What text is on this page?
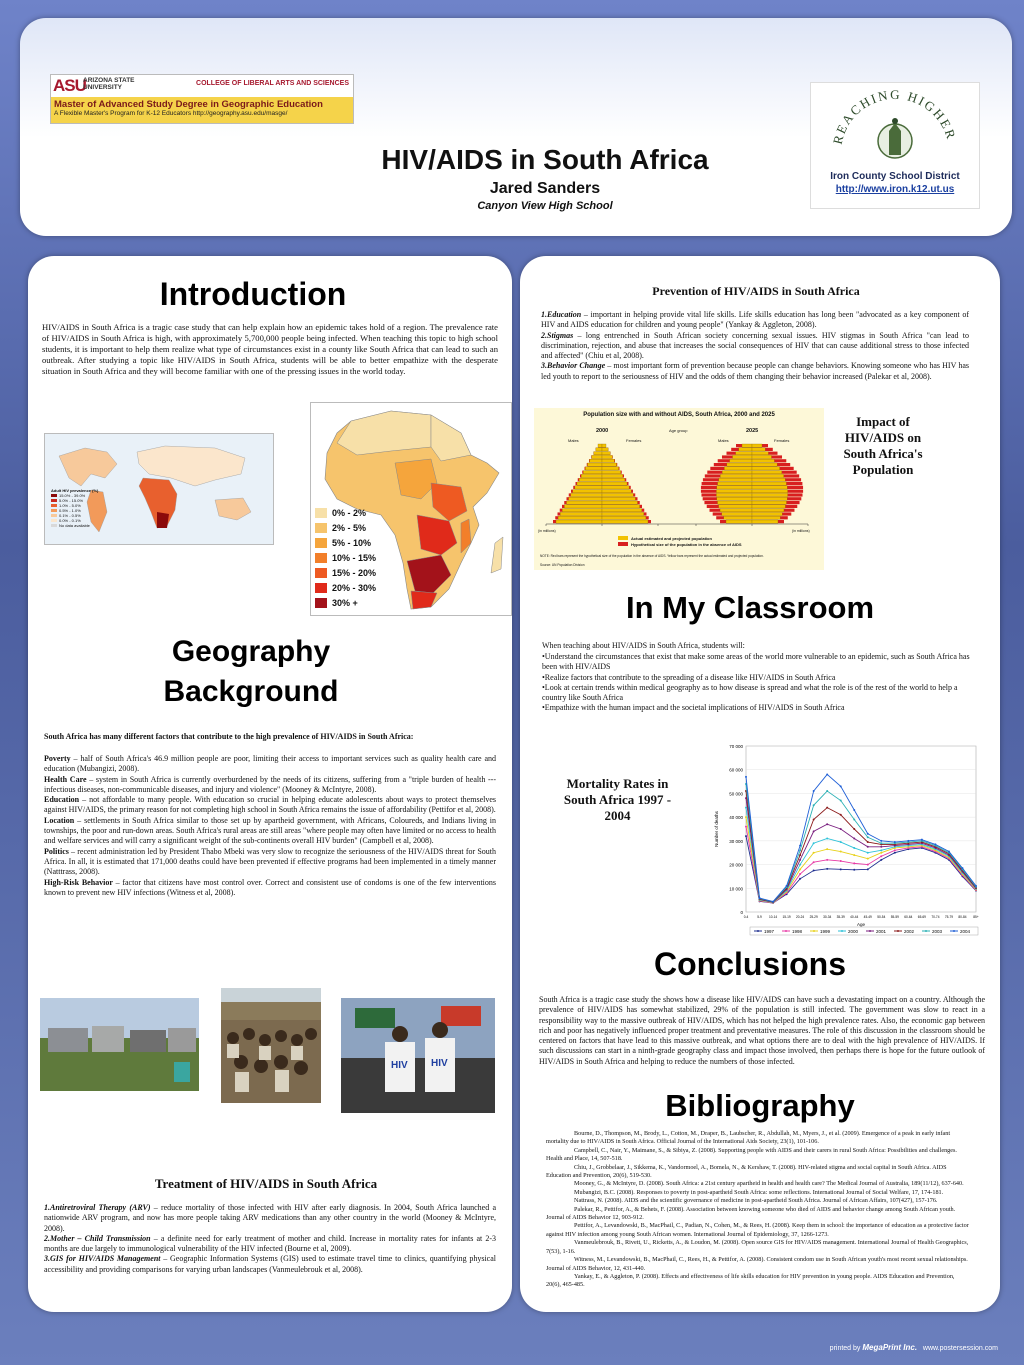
ASU
ARIZONA STATE
UNIVERSITY
COLLEGE OF LIBERAL ARTS AND SCIENCES
Master of Advanced Study Degree in Geographic Education
A Flexible Master's Program for K-12 Educators http://geography.asu.edu/masge/
HIV/AIDS in South Africa
Jared Sanders
Canyon View High School
REACHING HIGHER
Iron County School District
http://www.iron.k12.ut.us
Introduction
HIV/AIDS in South Africa is a tragic case study that can help explain how an epidemic takes hold of a region. The prevalence rate of HIV/AIDS in South Africa is high, with approximately 5,700,000 people being infected. When teaching this topic to high school students, it is important to help them realize what type of circumstances exist in a county like South Africa that can lead to such an outbreak. After studying a topic like HIV/AIDS in South Africa, students will be able to better empathize with the desperate situation in South Africa and they will become familiar with one of the pressing issues in the world today.
Adult HIV prevalence (%)
15.0% - 39.0%
5.0% - 15.0%
1.0% - 5.0%
0.5% - 1.0%
0.1% - 0.5%
0.0% - 0.1%
No data available
0% - 2%
2% - 5%
5% - 10%
10% - 15%
15% - 20%
20% - 30%
30% +
Geography
Background
South Africa has many different factors that contribute to the high prevalence of HIV/AIDS in South Africa:
Poverty – half of South Africa's 46.9 million people are poor, limiting their access to important services such as quality health care and education (Mubangizi, 2008).
Health Care – system in South Africa is currently overburdened by the needs of its citizens, suffering from a "triple burden of health --- infectious diseases, non-communicable diseases, and injury and violence" (Mooney & McIntyre, 2008).
Education – not affordable to many people. With education so crucial in helping educate adolescents about ways to protect themselves against HIV/AIDS, the primary reason for not completing high school in South Africa remains the issue of affordability (Pettifor et al, 2008).
Location – settlements in South Africa similar to those set up by apartheid government, with Africans, Coloureds, and Indians living in townships, the poor and run-down areas. South Africa's rural areas are still areas "where people may often have limited or no access to health and welfare services and will carry a significant weight of the sub-continents overall HIV burden" (Campbell et al, 2008).
Politics – recent administration led by President Thabo Mbeki was very slow to recognize the seriousness of the HIV/AIDS threat for South Africa. In all, it is estimated that 171,000 deaths could have been prevented if effective programs had been implemented in a timely manner (Natttrass, 2008).
High-Risk Behavior – factor that citizens have most control over. Correct and consistent use of condoms is one of the few interventions known to prevent new HIV infections (Witness et al, 2008).
HIV HIV
Treatment of HIV/AIDS in South Africa
1.Antiretroviral Therapy (ARV) – reduce mortality of those infected with HIV after early diagnosis. In 2004, South Africa launched a nationwide ARV program, and now has more people taking ARV medications than any other country in the world (Mooney & McIntyre, 2008).
2.Mother – Child Transmission – a definite need for early treatment of mother and child. Increase in mortality rates for infants at 2-3 months are due largely to immunological vulnerability of the HIV infected (Bourne et al, 2009).
3.GIS for HIV/AIDS Management – Geographic Information Systems (GIS) used to estimate travel time to clinics, quantifying physical accessibility and providing comparisons for varying urban landscapes (Vanmeulebrouk et al, 2008).
Prevention of HIV/AIDS in South Africa
1.Education – important in helping provide vital life skills. Life skills education has long been "advocated as a key component of HIV and AIDS education for children and young people" (Yankay & Aggleton, 2008).
2.Stigmas – long entrenched in South African society concerning sexual issues. HIV stigmas in South Africa "can lead to discrimination, rejection, and abuse that increases the social consequences of HIV that can cause additional stress to those infected and affected" (Chiu et al, 2008).
3.Behavior Change – most important form of prevention because people can change behaviors. Knowing someone who has HIV has led youth to report to the seriousness of HIV and the odds of them changing their behavior increased (Palekar et al, 2008).
Population size with and without AIDS, South Africa, 2000 and 2025
2000	2025
Age group
Males	Females	Males	Females
(in millions)	(in millions)
Actual estimated and projected population
Hypothetical size of the population in the absence of AIDS
NOTE: Red bars represent the hypothetical size of the population in the absence of AIDS. Yellow bars represent the actual estimated and projected population.
Source: UN Population Division
Impact of HIV/AIDS on South Africa's Population
In My Classroom
When teaching about HIV/AIDS in South Africa, students will:
•Understand the circumstances that exist that make some areas of the world more vulnerable to an epidemic, such as South Africa has been with HIV/AIDS
•Realize factors that contribute to the spreading of a disease like HIV/AIDS in South Africa
•Look at certain trends within medical geography as to how disease is spread and what the role is of the rest of the world to help a country like South Africa
•Empathize with the human impact and the societal implications of HIV/AIDS in South Africa
Mortality Rates in South Africa 1997 - 2004
0
10 000
20 000
30 000
40 000
50 000
60 000
70 000
0-4	5-9 10-14 15-19 20-24 25-29 30-34 35-39 40-44 45-49 50-54 55-59 60-64 65-69 70-74 75-79 80-84 85+
Number of deaths
Age
1997	1998	1999	2000	2001	2002	2003	2004
Conclusions
South Africa is a tragic case study the shows how a disease like HIV/AIDS can have such a devastating impact on a country. Although the prevalence of HIV/AIDS has somewhat stabilized, 29% of the population is still infected. The government was slow to react in a responsibility way to the massive outbreak of HIV/AIDS, which has not helped the high prevalence rates. Also, the economic gap between rich and poor has negatively influenced proper treatment and preventative measures. The role of this discussion in the classroom should be centered on factors that have lead to this massive outbreak, and what options there are to deal with the high prevalence of HIV/AIDS. If such discussions can start in a ninth-grade geography class and impact those involved, then perhaps there is hope for the future outlook of HIV/AIDS in South Africa and helping to reduce the numbers of those infected.
Bibliography

Bourne, D., Thompson, M., Brody, L., Cotton, M., Draper, B., Laubscher, R., Abdullah, M., Myers, J., et al. (2009). Emergence of a peak in early infant mortality due to HIV/AIDS in South Africa. Official Journal of the International Aids Society, 23(1), 101-106.

Campbell, C., Nair, Y., Maimane, S., & Sibiya, Z. (2008). Supporting people with AIDS and their carers in rural South Africa: Possibilities and challenges. Health and Place, 14, 507-518.

Chiu, J., Grobbelaar, J., Sikkema, K., Vandormoel, A., Bomela, N., & Kershaw, T. (2008). HIV-related stigma and social capital in South Africa. AIDS Education and Prevention, 20(6), 519-530.

Mooney, G., & McIntyre, D. (2008). South Africa: a 21st century apartheid in health and health care? The Medical Journal of Australia, 189(11/12), 637-640.

Mubangizi, B.C. (2008). Responses to poverty in post-apartheid South Africa: some reflections. International Journal of Social Welfare, 17, 174-181.

Nattrass, N. (2008). AIDS and the scientific governance of medicine in post-apartheid South Africa. Journal of African Affairs, 107(427), 157-176.

Palekar, R., Pettifor, A., & Behets, F. (2008). Association between knowing someone who died of AIDS and behavior change among South African youth. Journal of AIDS Behavior 12, 903-912.

Pettifor, A., Levandowski, B., MacPhail, C., Padian, N., Cohen, M., & Rees, H. (2008). Keep them in school: the importance of education as a protective factor against HIV infection among young South African women. International Journal of Epidemiology, 37, 1266-1273.

Vanmeulebrouk, B., Rivett, U., Ricketts, A., & Loudon, M. (2008). Open source GIS for HIV/AIDS management. International Journal of Health Geographics, 7(53), 1-16.

Witness, M., Levandowski, B., MacPhail, C., Rees, H., & Pettifor, A. (2008). Consistent condom use in South African youth's most recent sexual relationships. Journal of AIDS Behavior, 12, 431-440.

Yankay, E., & Aggleton, P. (2008). Effects and effectiveness of life skills education for HIV prevention in young people. AIDS Education and Prevention, 20(6), 465-485.

printed by MegaPrint Inc. www.postersession.com
